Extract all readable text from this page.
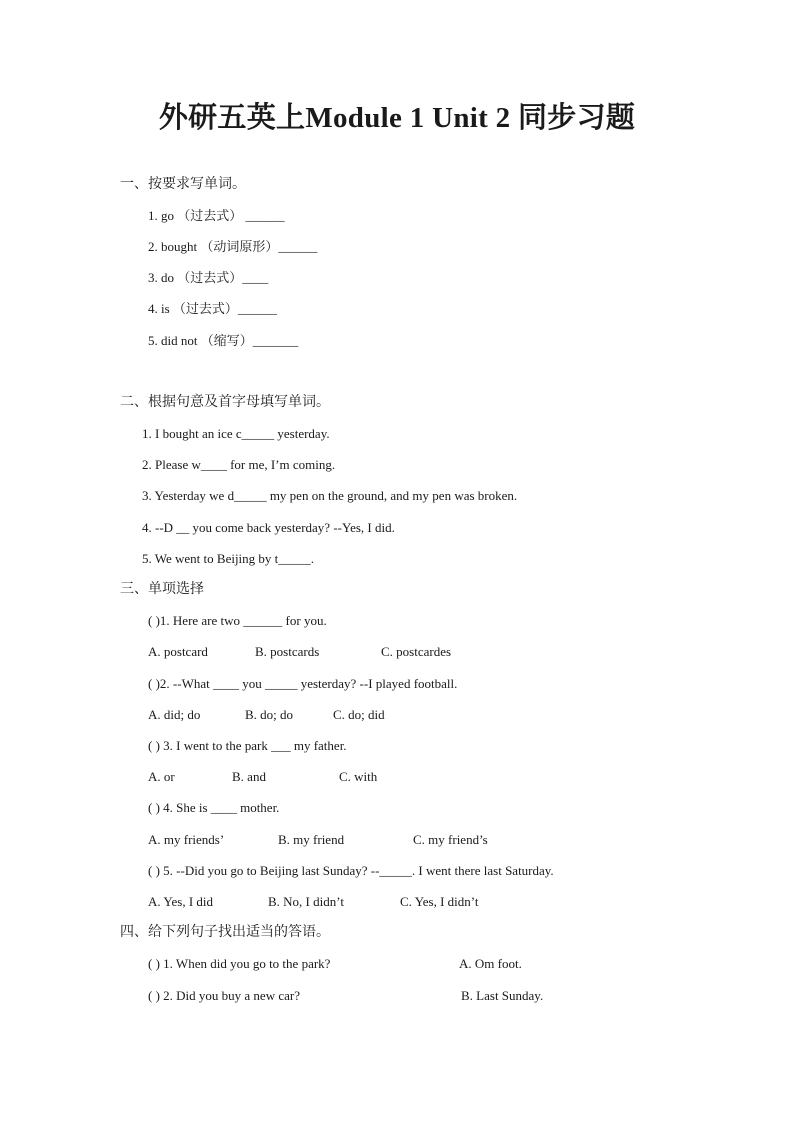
外研五英上Module 1 Unit 2 同步习题
一、按要求写单词。
1. go （过去式） ______
2. bought （动词原形）______
3. do （过去式）____
4. is （过去式）______
5. did not （缩写）_______
二、根据句意及首字母填写单词。
1. I bought an ice c_____ yesterday.
2. Please w____ for me, I’m coming.
3. Yesterday we d_____ my pen on the ground, and my pen was broken.
4. --D __ you come back yesterday? --Yes, I did.
5. We went to Beijing by t_____.
三、单项选择
( )1. Here are two ______ for you.
A. postcard	B. postcards	C. postcardes
( )2. --What ____ you _____ yesterday? --I played football.
A. did; do	B. do; do	C. do; did
( ) 3. I went to the park ___ my father.
A. or	B. and	C. with
( ) 4. She is ____ mother.
A. my friends’	B. my friend	C. my friend’s
( ) 5. --Did you go to Beijing last Sunday? --_____. I went there last Saturday.
A. Yes, I did	B. No, I didn’t	C. Yes, I didn’t
四、给下列句子找出适当的答语。
( ) 1. When did you go to the park?	A. Om foot.
( ) 2. Did you buy a new car?	B. Last Sunday.
